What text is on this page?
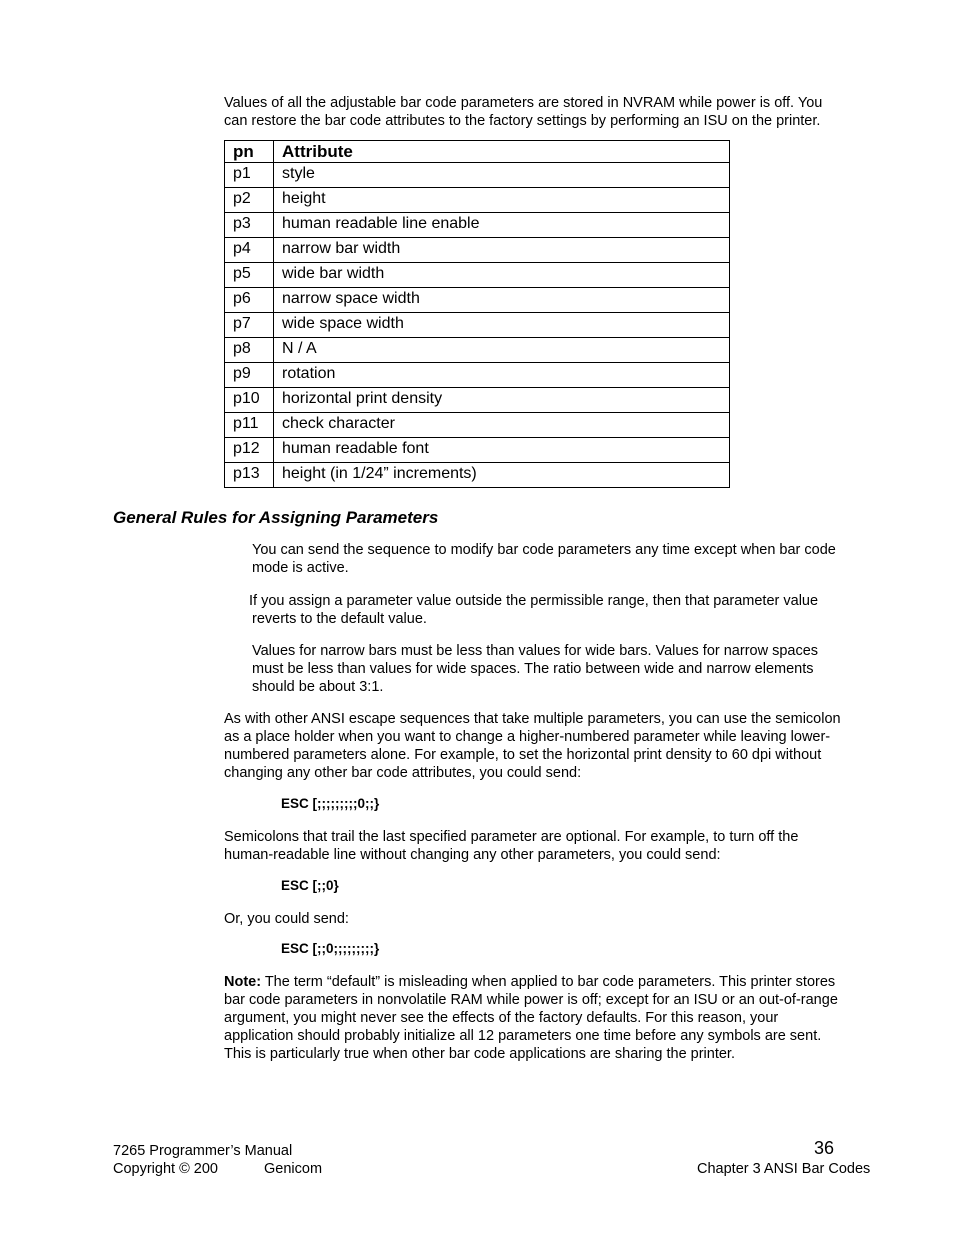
Values of all the adjustable bar code parameters are stored in NVRAM while power is off. You
can restore the bar code attributes to the factory settings by performing an ISU on the printer.
pn	Attribute
p1	style
p2	height
p3	human readable line enable
p4	narrow bar width
p5	wide bar width
p6	narrow space width
p7	wide space width
p8	N / A
p9	rotation
p10	horizontal print density
p11	check character
p12	human readable font
p13	height (in 1/24” increments)
General Rules for Assigning Parameters
You can send the sequence to modify bar code parameters any time except when bar code
mode is active.
If you assign a parameter value outside the permissible range, then that parameter value
reverts to the default value.
Values for narrow bars must be less than values for wide bars. Values for narrow spaces
must be less than values for wide spaces. The ratio between wide and narrow elements
should be about 3:1.
As with other ANSI escape sequences that take multiple parameters, you can use the semicolon
as a place holder when you want to change a higher-numbered parameter while leaving lower-
numbered parameters alone. For example, to set the horizontal print density to 60 dpi without
changing any other bar code attributes, you could send:
ESC [;;;;;;;;;0;;}
Semicolons that trail the last specified parameter are optional. For example, to turn off the
human-readable line without changing any other parameters, you could send:
ESC [;;0}
Or, you could send:
ESC [;;0;;;;;;;;;}
Note: The term “default” is misleading when applied to bar code parameters. This printer stores
bar code parameters in nonvolatile RAM while power is off; except for an ISU or an out-of-range
argument, you might never see the effects of the factory defaults. For this reason, your
application should probably initialize all 12 parameters one time before any symbols are sent.
This is particularly true when other bar code applications are sharing the printer.
7265 Programmer’s Manual
Copyright © 200	Genicom
36
Chapter 3 ANSI Bar Codes
